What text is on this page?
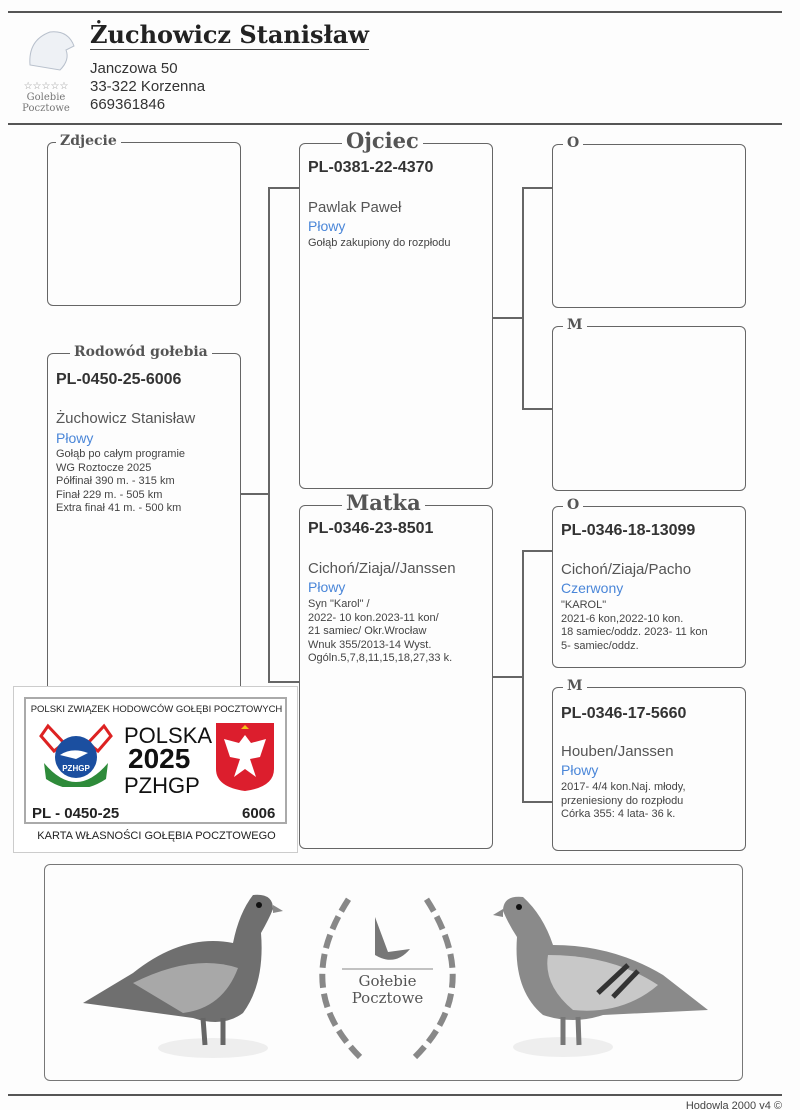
☆☆☆☆☆
Golebie
Pocztowe
Żuchowicz Stanisław
Janczowa 50
33-322 Korzenna
669361846
Zdjecie
Rodowód gołebia
PL-0450-25-6006
Żuchowicz Stanisław
Płowy
Gołąb po całym programie
WG Roztocze 2025
Półfinał 390 m. - 315 km
Finał 229 m. - 505 km
Extra finał 41 m. - 500 km
Ojciec
PL-0381-22-4370
Pawlak Paweł
Płowy
Gołąb zakupiony do rozpłodu
Matka
PL-0346-23-8501
Cichoń/Ziaja//Janssen
Płowy
Syn "Karol" /
2022- 10 kon.2023-11 kon/
21 samiec/ Okr.Wrocław
Wnuk 355/2013-14 Wyst.
Ogóln.5,7,8,11,15,18,27,33 k.
O
M
O
PL-0346-18-13099
Cichoń/Ziaja/Pacho
Czerwony
"KAROL"
2021-6 kon,2022-10 kon.
18 samiec/oddz. 2023- 11 kon
5- samiec/oddz.
M
PL-0346-17-5660
Houben/Janssen
Płowy
2017- 4/4 kon.Naj. młody,
przeniesiony do rozpłodu
Córka 355: 4 lata- 36 k.
POLSKI ZWIĄZEK HODOWCÓW GOŁĘBI POCZTOWYCH
PZHGP
POLSKA
2025
PZHGP
PL - 0450-25	6006
KARTA WŁASNOŚCI GOŁĘBIA POCZTOWEGO
Gołebie
Pocztowe
Hodowla 2000 v4 ©
